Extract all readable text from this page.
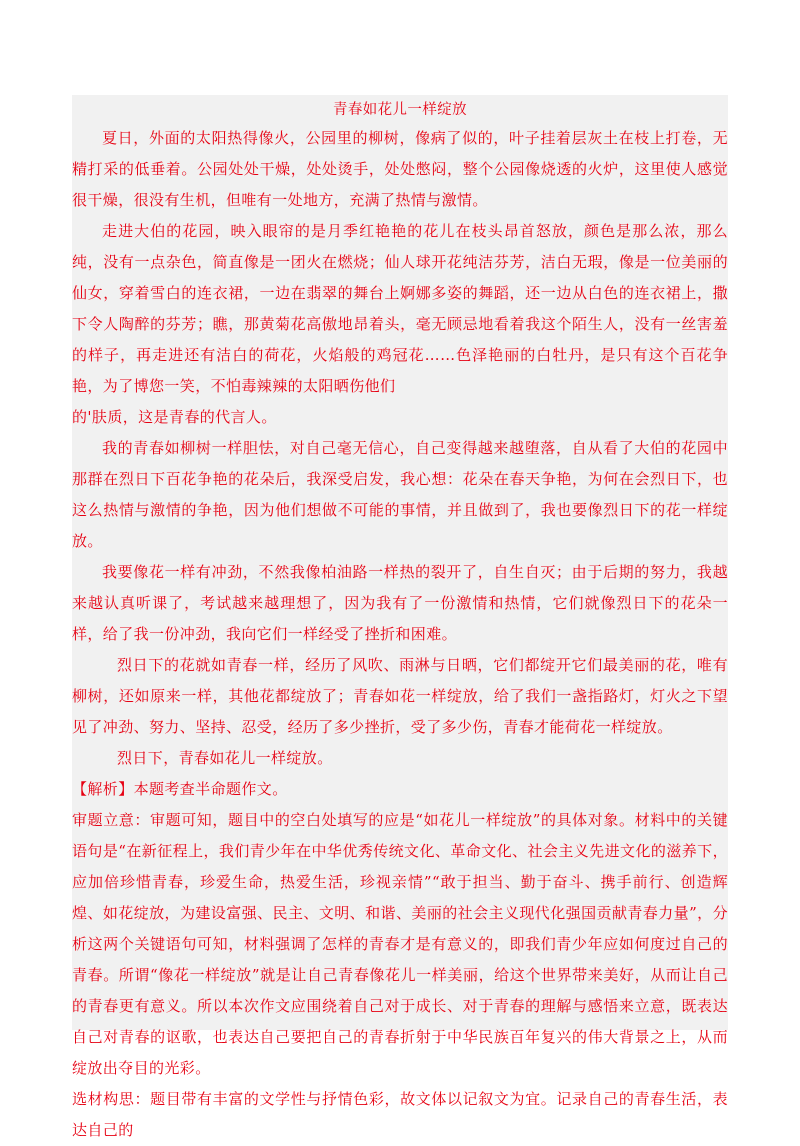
青春如花儿一样绽放

夏日，外面的太阳热得像火，公园里的柳树，像病了似的，叶子挂着层灰土在枝上打卷，无精打采的低垂着。公园处处干燥，处处烫手，处处憋闷，整个公园像烧透的火炉，这里使人感觉很干燥，很没有生机，但唯有一处地方，充满了热情与激情。

走进大伯的花园，映入眼帘的是月季红艳艳的花儿在枝头昂首怒放，颜色是那么浓，那么纯，没有一点杂色，简直像是一团火在燃烧；仙人球开花纯洁芬芳，洁白无瑕，像是一位美丽的仙女，穿着雪白的连衣裙，一边在翡翠的舞台上婀娜多姿的舞蹈，还一边从白色的连衣裙上，撒下令人陶醉的芬芳；瞧，那黄菊花高傲地昂着头，毫无顾忌地看着我这个陌生人，没有一丝害羞的样子，再走进还有洁白的荷花，火焰般的鸡冠花……色泽艳丽的白牡丹，是只有这个百花争艳，为了博您一笑，不怕毒辣辣的太阳晒伤他们

的'肤质，这是青春的代言人。

我的青春如柳树一样胆怯，对自己毫无信心，自己变得越来越堕落，自从看了大伯的花园中那群在烈日下百花争艳的花朵后，我深受启发，我心想：花朵在春天争艳，为何在会烈日下，也这么热情与激情的争艳，因为他们想做不可能的事情，并且做到了，我也要像烈日下的花一样绽放。

我要像花一样有冲劲，不然我像柏油路一样热的裂开了，自生自灭；由于后期的努力，我越来越认真听课了，考试越来越理想了，因为我有了一份激情和热情，它们就像烈日下的花朵一样，给了我一份冲劲，我向它们一样经受了挫折和困难。

烈日下的花就如青春一样，经历了风吹、雨淋与日晒，它们都绽开它们最美丽的花，唯有柳树，还如原来一样，其他花都绽放了；青春如花一样绽放，给了我们一盏指路灯，灯火之下望见了冲劲、努力、坚持、忍受，经历了多少挫折，受了多少伤，青春才能荷花一样绽放。

烈日下，青春如花儿一样绽放。

【解析】本题考查半命题作文。

审题立意：审题可知，题目中的空白处填写的应是“如花儿一样绽放”的具体对象。材料中的关键语句是“在新征程上，我们青少年在中华优秀传统文化、革命文化、社会主义先进文化的滋养下，应加倍珍惜青春，珍爱生命，热爱生活，珍视亲情”“敢于担当、勤于奋斗、携手前行、创造辉煌、如花绽放，为建设富强、民主、文明、和谐、美丽的社会主义现代化强国贡献青春力量”，分析这两个关键语句可知，材料强调了怎样的青春才是有意义的，即我们青少年应如何度过自己的青春。所谓“像花一样绽放”就是让自己青春像花儿一样美丽，给这个世界带来美好，从而让自己的青春更有意义。所以本次作文应围绕着自己对于成长、对于青春的理解与感悟来立意，既表达自己对青春的讴歌，也表达自己要把自己的青春折射于中华民族百年复兴的伟大背景之上，从而绽放出夺目的光彩。

选材构思：题目带有丰富的文学性与抒情色彩，故文体以记叙文为宜。记录自己的青春生活，表达自己的
